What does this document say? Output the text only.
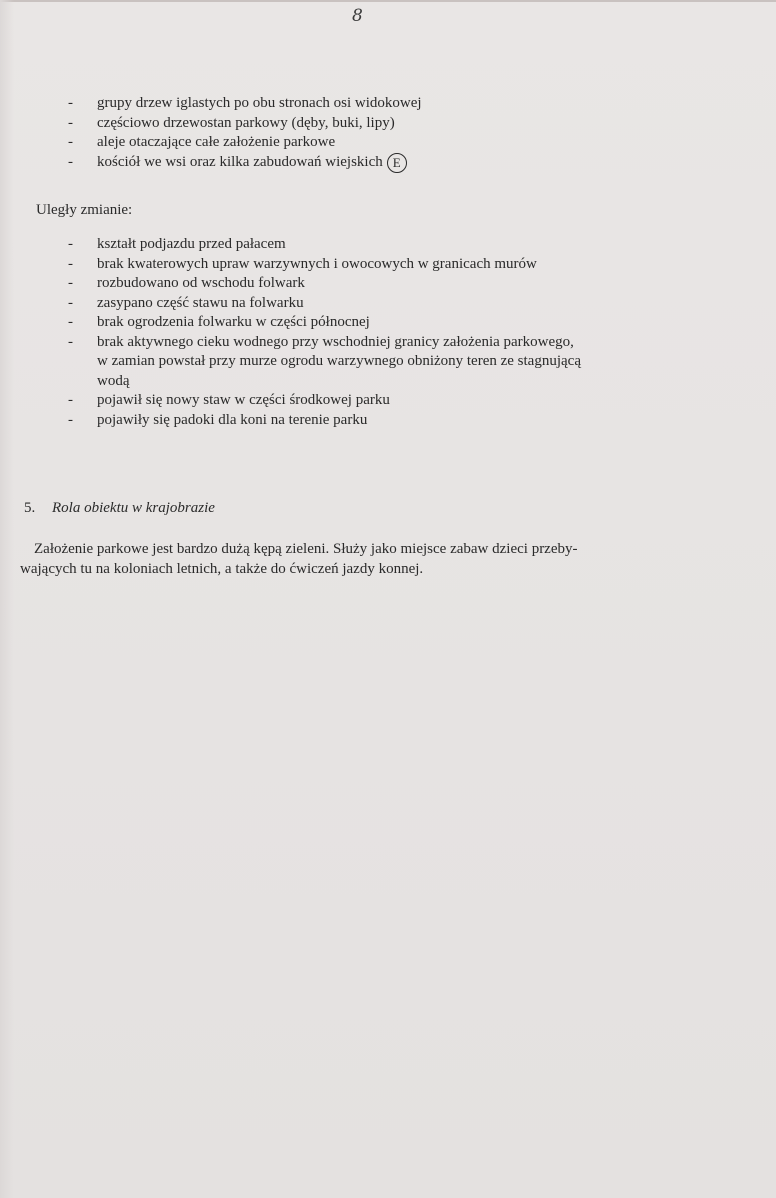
8
- grupy drzew iglastych po obu stronach osi widokowej
- częściowo drzewostan parkowy (dęby, buki, lipy)
- aleje otaczające całe założenie parkowe
- kościół we wsi oraz kilka zabudowań wiejskich E
Uległy zmianie:
- kształt podjazdu przed pałacem
- brak kwaterowych upraw warzywnych i owocowych w granicach murów
- rozbudowano od wschodu folwark
- zasypano część stawu na folwarku
- brak ogrodzenia folwarku w części północnej
- brak aktywnego cieku wodnego przy wschodniej granicy założenia parkowego,
w zamian powstał przy murze ogrodu warzywnego obniżony teren ze stagnującą
wodą
- pojawił się nowy staw w części środkowej parku
- pojawiły się padoki dla koni na terenie parku
5. Rola obiektu w krajobrazie
Założenie parkowe jest bardzo dużą kępą zieleni. Służy jako miejsce zabaw dzieci przeby-
wających tu na koloniach letnich, a także do ćwiczeń jazdy konnej.
